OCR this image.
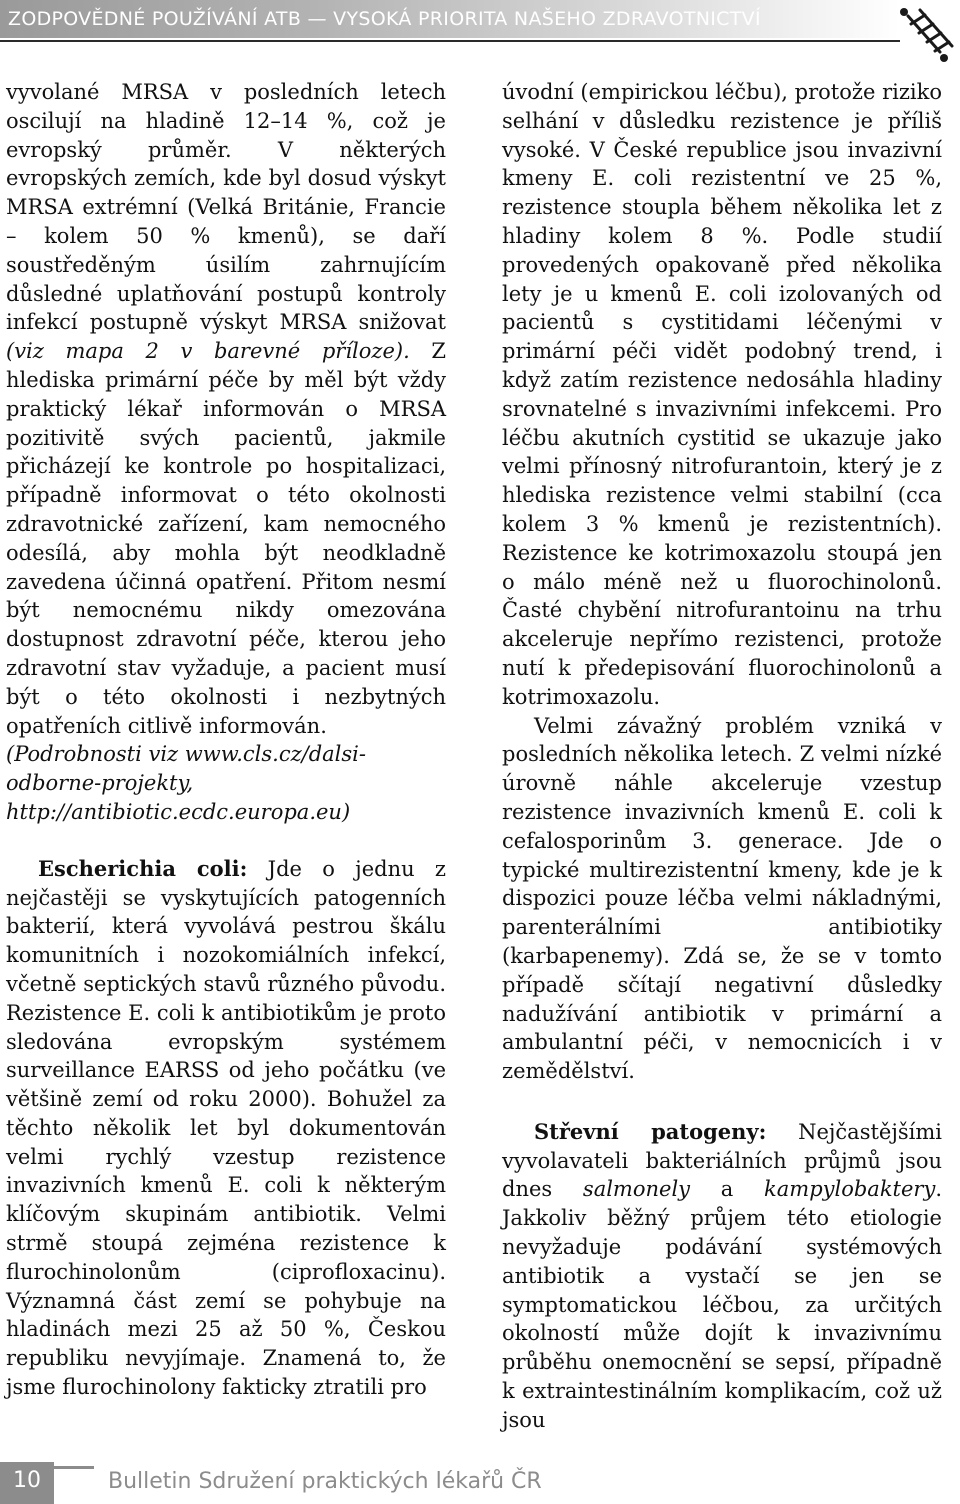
ZODPOVĚDNÉ POUŽÍVÁNÍ ATB — VYSOKÁ PRIORITA NAŠEHO ZDRAVOTNICTVÍ

vyvolané MRSA v posledních letech oscilují na hladině 12–14 %, což je evropský průměr. V některých evropských zemích, kde byl dosud výskyt MRSA extrémní (Velká Británie, Francie – kolem 50 % kmenů), se daří soustředěným úsilím zahrnujícím důsledné uplatňování postupů kontroly infekcí postupně výskyt MRSA snižovat (viz mapa 2 v barevné příloze). Z hlediska primární péče by měl být vždy praktický lékař informován o MRSA pozitivitě svých pacientů, jakmile přicházejí ke kontrole po hospitalizaci, případně informovat o této okolnosti zdravotnické zařízení, kam nemocného odesílá, aby mohla být neodkladně zavedena účinná opatření. Přitom nesmí být nemocnému nikdy omezována dostupnost zdravotní péče, kterou jeho zdravotní stav vyžaduje, a pacient musí být o této okolnosti i nezbytných opatřeních citlivě informován.

(Podrobnosti viz www.cls.cz/dalsi-odborne-projekty, http://antibiotic.ecdc.europa.eu)

Escherichia coli: Jde o jednu z nejčastěji se vyskytujících patogenních bakterií, která vyvolává pestrou škálu komunitních i nozokomiálních infekcí, včetně septických stavů různého původu. Rezistence E. coli k antibiotikům je proto sledována evropským systémem surveillance EARSS od jeho počátku (ve většině zemí od roku 2000). Bohužel za těchto několik let byl dokumentován velmi rychlý vzestup rezistence invazivních kmenů E. coli k některým klíčovým skupinám antibiotik. Velmi strmě stoupá zejména rezistence k flurochinolonům (ciprofloxacinu). Významná část zemí se pohybuje na hladinách mezi 25 až 50 %, Českou republiku nevyjímaje. Znamená to, že jsme flurochinolony fakticky ztratili pro

úvodní (empirickou léčbu), protože riziko selhání v důsledku rezistence je příliš vysoké. V České republice jsou invazivní kmeny E. coli rezistentní ve 25 %, rezistence stoupla během několika let z hladiny kolem 8 %. Podle studií provedených opakovaně před několika lety je u kmenů E. coli izolovaných od pacientů s cystitidami léčenými v primární péči vidět podobný trend, i když zatím rezistence nedosáhla hladiny srovnatelné s invazivními infekcemi. Pro léčbu akutních cystitid se ukazuje jako velmi přínosný nitrofurantoin, který je z hlediska rezistence velmi stabilní (cca kolem 3 % kmenů je rezistentních). Rezistence ke kotrimoxazolu stoupá jen o málo méně než u fluorochinolonů. Časté chybění nitrofurantoinu na trhu akceleruje nepřímo rezistenci, protože nutí k předepisování fluorochinolonů a kotrimoxazolu.

Velmi závažný problém vzniká v posledních několika letech. Z velmi nízké úrovně náhle akceleruje vzestup rezistence invazivních kmenů E. coli k cefalosporinům 3. generace. Jde o typické multirezistentní kmeny, kde je k dispozici pouze léčba velmi nákladnými, parenterálními antibiotiky (karbapenemy). Zdá se, že se v tomto případě sčítají negativní důsledky nadužívání antibiotik v primární a ambulantní péči, v nemocnicích i v zemědělství.

Střevní patogeny: Nejčastějšími vyvolavateli bakteriálních průjmů jsou dnes salmonely a kampylobaktery. Jakkoliv běžný průjem této etiologie nevyžaduje podávání systémových antibiotik a vystačí se jen se symptomatickou léčbou, za určitých okolností může dojít k invazivnímu průběhu onemocnění se sepsí, případně k extraintestinálním komplikacím, což už jsou

10	Bulletin Sdružení praktických lékařů ČR
